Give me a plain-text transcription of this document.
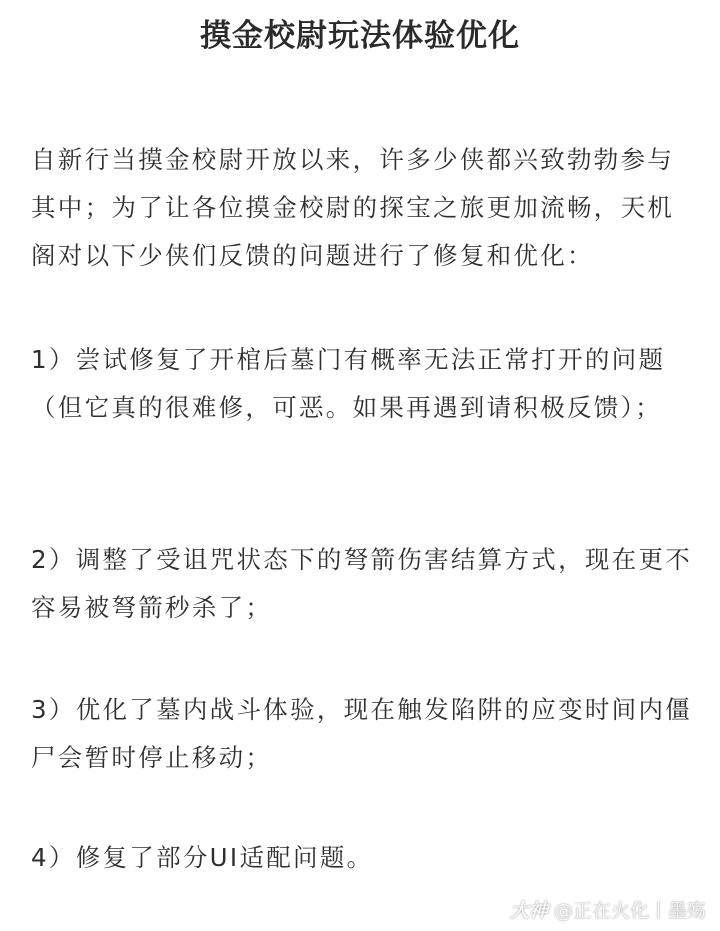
摸金校尉玩法体验优化
自新行当摸金校尉开放以来，许多少侠都兴致勃勃参与其中；为了让各位摸金校尉的探宝之旅更加流畅，天机阁对以下少侠们反馈的问题进行了修复和优化：
1）尝试修复了开棺后墓门有概率无法正常打开的问题（但它真的很难修，可恶。如果再遇到请积极反馈）；
2）调整了受诅咒状态下的弩箭伤害结算方式，现在更不容易被弩箭秒杀了；
3）优化了墓内战斗体验，现在触发陷阱的应变时间内僵尸会暂时停止移动；
4）修复了部分UI适配问题。
大神 @正在火化丨墨殇
